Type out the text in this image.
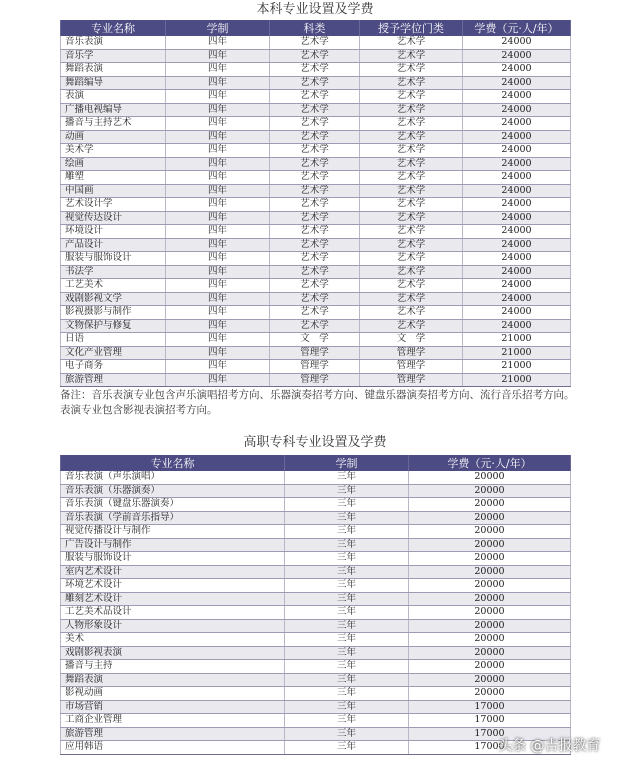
本科专业设置及学费
专业名称	学制	科类	授予学位门类	学费（元·人/年）
音乐表演	四年	艺术学	艺术学	24000
音乐学	四年	艺术学	艺术学	24000
舞蹈表演	四年	艺术学	艺术学	24000
舞蹈编导	四年	艺术学	艺术学	24000
表演	四年	艺术学	艺术学	24000
广播电视编导	四年	艺术学	艺术学	24000
播音与主持艺术	四年	艺术学	艺术学	24000
动画	四年	艺术学	艺术学	24000
美术学	四年	艺术学	艺术学	24000
绘画	四年	艺术学	艺术学	24000
雕塑	四年	艺术学	艺术学	24000
中国画	四年	艺术学	艺术学	24000
艺术设计学	四年	艺术学	艺术学	24000
视觉传达设计	四年	艺术学	艺术学	24000
环境设计	四年	艺术学	艺术学	24000
产品设计	四年	艺术学	艺术学	24000
服装与服饰设计	四年	艺术学	艺术学	24000
书法学	四年	艺术学	艺术学	24000
工艺美术	四年	艺术学	艺术学	24000
戏剧影视文学	四年	艺术学	艺术学	24000
影视摄影与制作	四年	艺术学	艺术学	24000
文物保护与修复	四年	艺术学	艺术学	24000
日语	四年	文　学	文　学	21000
文化产业管理	四年	管理学	管理学	21000
电子商务	四年	管理学	管理学	21000
旅游管理	四年	管理学	管理学	21000
备注：音乐表演专业包含声乐演唱招考方向、乐器演奏招考方向、键盘乐器演奏招考方向、流行音乐招考方向。
表演专业包含影视表演招考方向。
高职专科专业设置及学费
专业名称	学制	学费（元·人/年）
音乐表演（声乐演唱）	三年	20000
音乐表演（乐器演奏）	三年	20000
音乐表演（键盘乐器演奏）	三年	20000
音乐表演（学前音乐指导）	三年	20000
视觉传播设计与制作	三年	20000
广告设计与制作	三年	20000
服装与服饰设计	三年	20000
室内艺术设计	三年	20000
环境艺术设计	三年	20000
雕刻艺术设计	三年	20000
工艺美术品设计	三年	20000
人物形象设计	三年	20000
美术	三年	20000
戏剧影视表演	三年	20000
播音与主持	三年	20000
舞蹈表演	三年	20000
影视动画	三年	20000
市场营销	三年	17000
工商企业管理	三年	17000
旅游管理	三年	17000
应用韩语	三年	17000
头条 @吉报教育
